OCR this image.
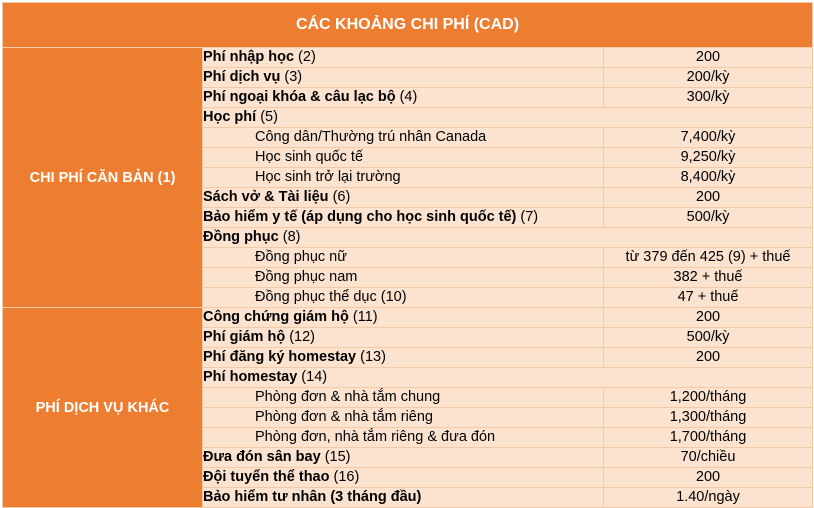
CÁC KHOẢNG CHI PHÍ (CAD)		
CHI PHÍ CĂN BẢN (1)	Phí nhập học (2)	200
	Phí dịch vụ (3)	200/kỳ
	Phí ngoại khóa & câu lạc bộ (4)	300/kỳ
	Học phí (5)	
	Công dân/Thường trú nhân Canada	7,400/kỳ
	Học sinh quốc tế	9,250/kỳ
	Học sinh trở lại trường	8,400/kỳ
	Sách vở & Tài liệu (6)	200
	Bảo hiểm y tế (áp dụng cho học sinh quốc tế) (7)	500/kỳ
	Đồng phục (8)	
	Đồng phục nữ	từ 379 đến 425 (9) + thuế
	Đồng phục nam	382 + thuế
	Đồng phục thể dục (10)	47 + thuế
PHÍ DỊCH VỤ KHÁC	Công chứng giám hộ (11)	200
	Phí giám hộ (12)	500/kỳ
	Phí đăng ký homestay (13)	200
	Phí homestay (14)	
	Phòng đơn & nhà tắm chung	1,200/tháng
	Phòng đơn & nhà tắm riêng	1,300/tháng
	Phòng đơn, nhà tắm riêng & đưa đón	1,700/tháng
	Đưa đón sân bay (15)	70/chiều
	Đội tuyển thể thao (16)	200
	Bảo hiểm tư nhân (3 tháng đầu)	1.40/ngày
